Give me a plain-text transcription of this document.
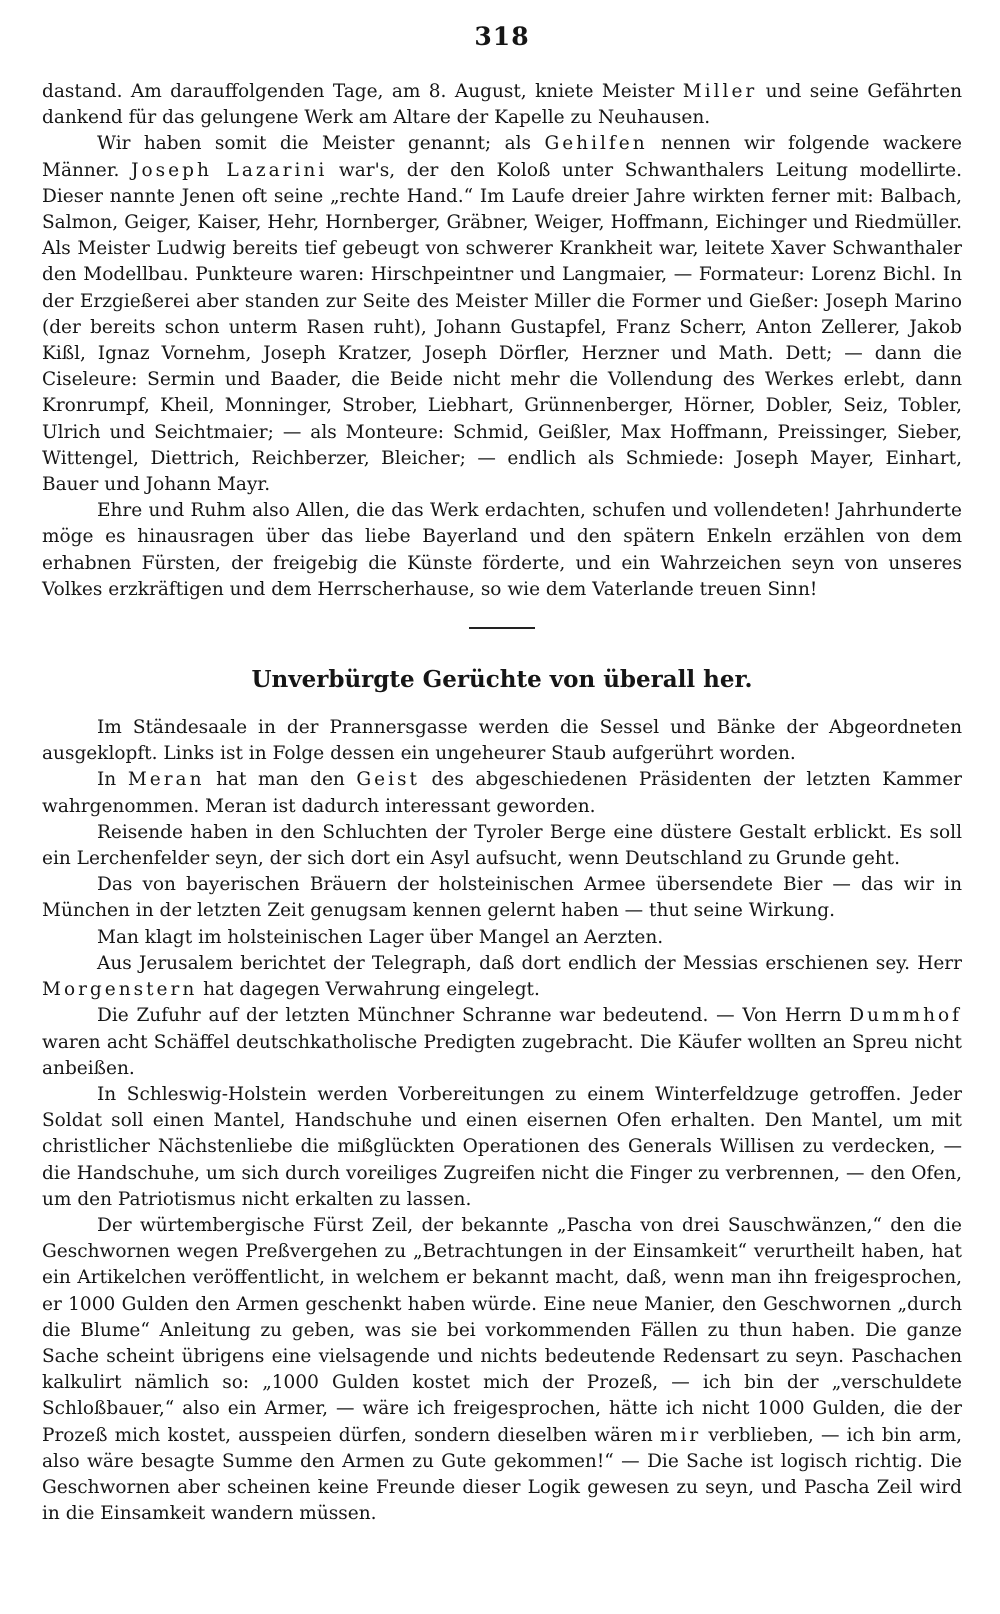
318

dastand. Am darauffolgenden Tage, am 8. August, kniete Meister Miller und seine Gefährten dankend für das gelungene Werk am Altare der Kapelle zu Neuhausen.

Wir haben somit die Meister genannt; als Gehilfen nennen wir folgende wackere Männer. Joseph Lazarini war's, der den Koloß unter Schwanthalers Leitung modellirte. Dieser nannte Jenen oft seine „rechte Hand.“ Im Laufe dreier Jahre wirkten ferner mit: Balbach, Salmon, Geiger, Kaiser, Hehr, Hornberger, Gräbner, Weiger, Hoffmann, Eichinger und Riedmüller. Als Meister Ludwig bereits tief gebeugt von schwerer Krankheit war, leitete Xaver Schwanthaler den Modellbau. Punkteure waren: Hirschpeintner und Langmaier, — Formateur: Lorenz Bichl. In der Erzgießerei aber standen zur Seite des Meister Miller die Former und Gießer: Joseph Marino (der bereits schon unterm Rasen ruht), Johann Gustapfel, Franz Scherr, Anton Zellerer, Jakob Kißl, Ignaz Vornehm, Joseph Kratzer, Joseph Dörfler, Herzner und Math. Dett; — dann die Ciseleure: Sermin und Baader, die Beide nicht mehr die Vollendung des Werkes erlebt, dann Kronrumpf, Kheil, Monninger, Strober, Liebhart, Grünnenberger, Hörner, Dobler, Seiz, Tobler, Ulrich und Seichtmaier; — als Monteure: Schmid, Geißler, Max Hoffmann, Preissinger, Sieber, Wittengel, Diettrich, Reichberzer, Bleicher; — endlich als Schmiede: Joseph Mayer, Einhart, Bauer und Johann Mayr.

Ehre und Ruhm also Allen, die das Werk erdachten, schufen und vollendeten! Jahrhunderte möge es hinausragen über das liebe Bayerland und den spätern Enkeln erzählen von dem erhabnen Fürsten, der freigebig die Künste förderte, und ein Wahrzeichen seyn von unseres Volkes erzkräftigen und dem Herrscherhause, so wie dem Vaterlande treuen Sinn!

Unverbürgte Gerüchte von überall her.

Im Ständesaale in der Prannersgasse werden die Sessel und Bänke der Abgeordneten ausgeklopft. Links ist in Folge dessen ein ungeheurer Staub aufgerührt worden.

In Meran hat man den Geist des abgeschiedenen Präsidenten der letzten Kammer wahrgenommen. Meran ist dadurch interessant geworden.

Reisende haben in den Schluchten der Tyroler Berge eine düstere Gestalt erblickt. Es soll ein Lerchenfelder seyn, der sich dort ein Asyl aufsucht, wenn Deutschland zu Grunde geht.

Das von bayerischen Bräuern der holsteinischen Armee übersendete Bier — das wir in München in der letzten Zeit genugsam kennen gelernt haben — thut seine Wirkung.

Man klagt im holsteinischen Lager über Mangel an Aerzten.

Aus Jerusalem berichtet der Telegraph, daß dort endlich der Messias erschienen sey. Herr Morgenstern hat dagegen Verwahrung eingelegt.

Die Zufuhr auf der letzten Münchner Schranne war bedeutend. — Von Herrn Dummhof waren acht Schäffel deutschkatholische Predigten zugebracht. Die Käufer wollten an Spreu nicht anbeißen.

In Schleswig-Holstein werden Vorbereitungen zu einem Winterfeldzuge getroffen. Jeder Soldat soll einen Mantel, Handschuhe und einen eisernen Ofen erhalten. Den Mantel, um mit christlicher Nächstenliebe die mißglückten Operationen des Generals Willisen zu verdecken, — die Handschuhe, um sich durch voreiliges Zugreifen nicht die Finger zu verbrennen, — den Ofen, um den Patriotismus nicht erkalten zu lassen.

Der würtembergische Fürst Zeil, der bekannte „Pascha von drei Sauschwänzen,“ den die Geschwornen wegen Preßvergehen zu „Betrachtungen in der Einsamkeit“ verurtheilt haben, hat ein Artikelchen veröffentlicht, in welchem er bekannt macht, daß, wenn man ihn freigesprochen, er 1000 Gulden den Armen geschenkt haben würde. Eine neue Manier, den Geschwornen „durch die Blume“ Anleitung zu geben, was sie bei vorkommenden Fällen zu thun haben. Die ganze Sache scheint übrigens eine vielsagende und nichts bedeutende Redensart zu seyn. Paschachen kalkulirt nämlich so: „1000 Gulden kostet mich der Prozeß, — ich bin der „verschuldete Schloßbauer,“ also ein Armer, — wäre ich freigesprochen, hätte ich nicht 1000 Gulden, die der Prozeß mich kostet, ausspeien dürfen, sondern dieselben wären mir verblieben, — ich bin arm, also wäre besagte Summe den Armen zu Gute gekommen!“ — Die Sache ist logisch richtig. Die Geschwornen aber scheinen keine Freunde dieser Logik gewesen zu seyn, und Pascha Zeil wird in die Einsamkeit wandern müssen.
